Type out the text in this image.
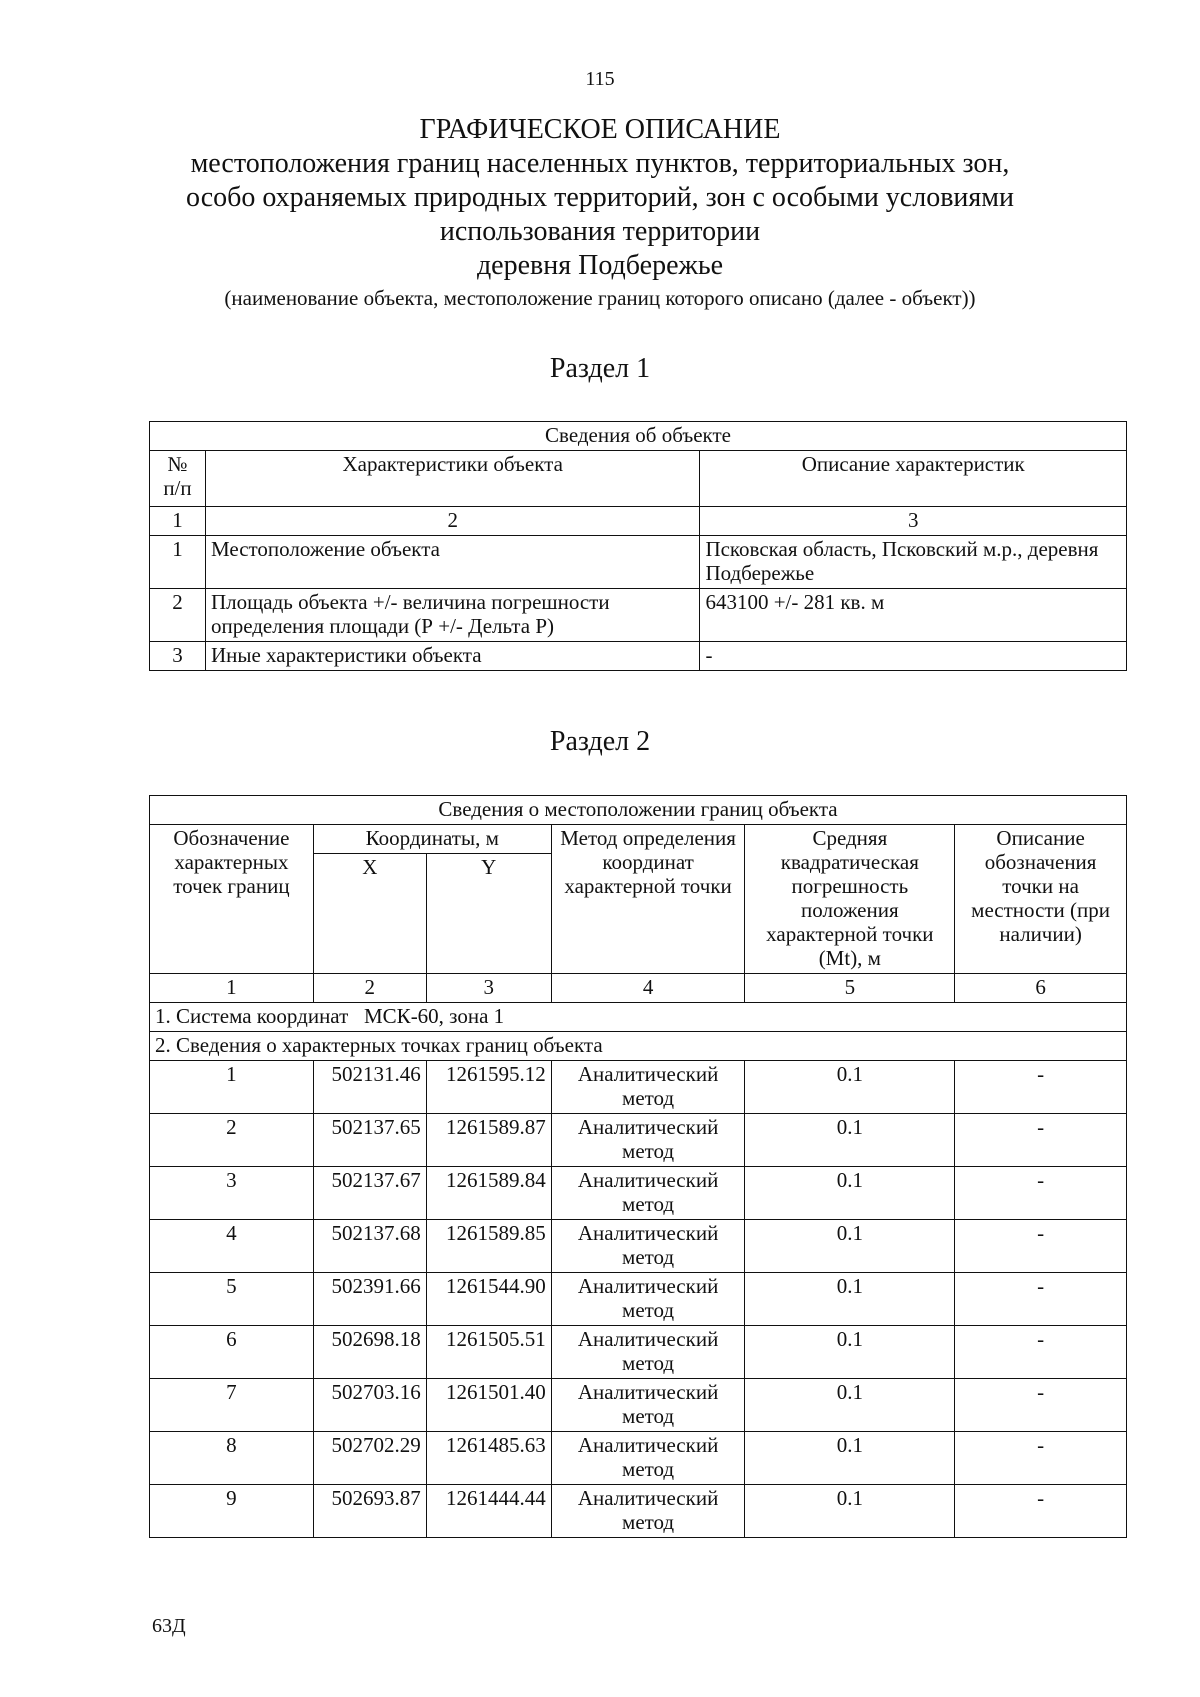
115
ГРАФИЧЕСКОЕ ОПИСАНИЕ
местоположения границ населенных пунктов, территориальных зон,
особо охраняемых природных территорий, зон с особыми условиями
использования территории
деревня Подбережье
(наименование объекта, местоположение границ которого описано (далее - объект))
Раздел 1
Сведения об объекте		

№
п/п	Характеристики объекта	Описание характеристик
1	2	3
1	Местоположение объекта	Псковская область, Псковский м.р., деревня Подбережье
2	Площадь объекта +/- величина погрешности определения площади (Р +/- Дельта Р)	643100 +/- 281 кв. м
3	Иные характеристики объекта	-
Раздел 2
Сведения о местоположении границ объекта					
Обозначение характерных точек границ	Координаты, м		Метод определения координат характерной точки	Средняя квадратическая погрешность положения характерной точки (Mt), м	Описание обозначения точки на местности (при наличии)
	X	Y			
1	2	3	4	5	6
1. Система координат   МСК-60, зона 1					
2. Сведения о характерных точках границ объекта					
1	502131.46	1261595.12	Аналитический метод	0.1	-
2	502137.65	1261589.87	Аналитический метод	0.1	-
3	502137.67	1261589.84	Аналитический метод	0.1	-
4	502137.68	1261589.85	Аналитический метод	0.1	-
5	502391.66	1261544.90	Аналитический метод	0.1	-
6	502698.18	1261505.51	Аналитический метод	0.1	-
7	502703.16	1261501.40	Аналитический метод	0.1	-
8	502702.29	1261485.63	Аналитический метод	0.1	-
9	502693.87	1261444.44	Аналитический метод	0.1	-
63Д
